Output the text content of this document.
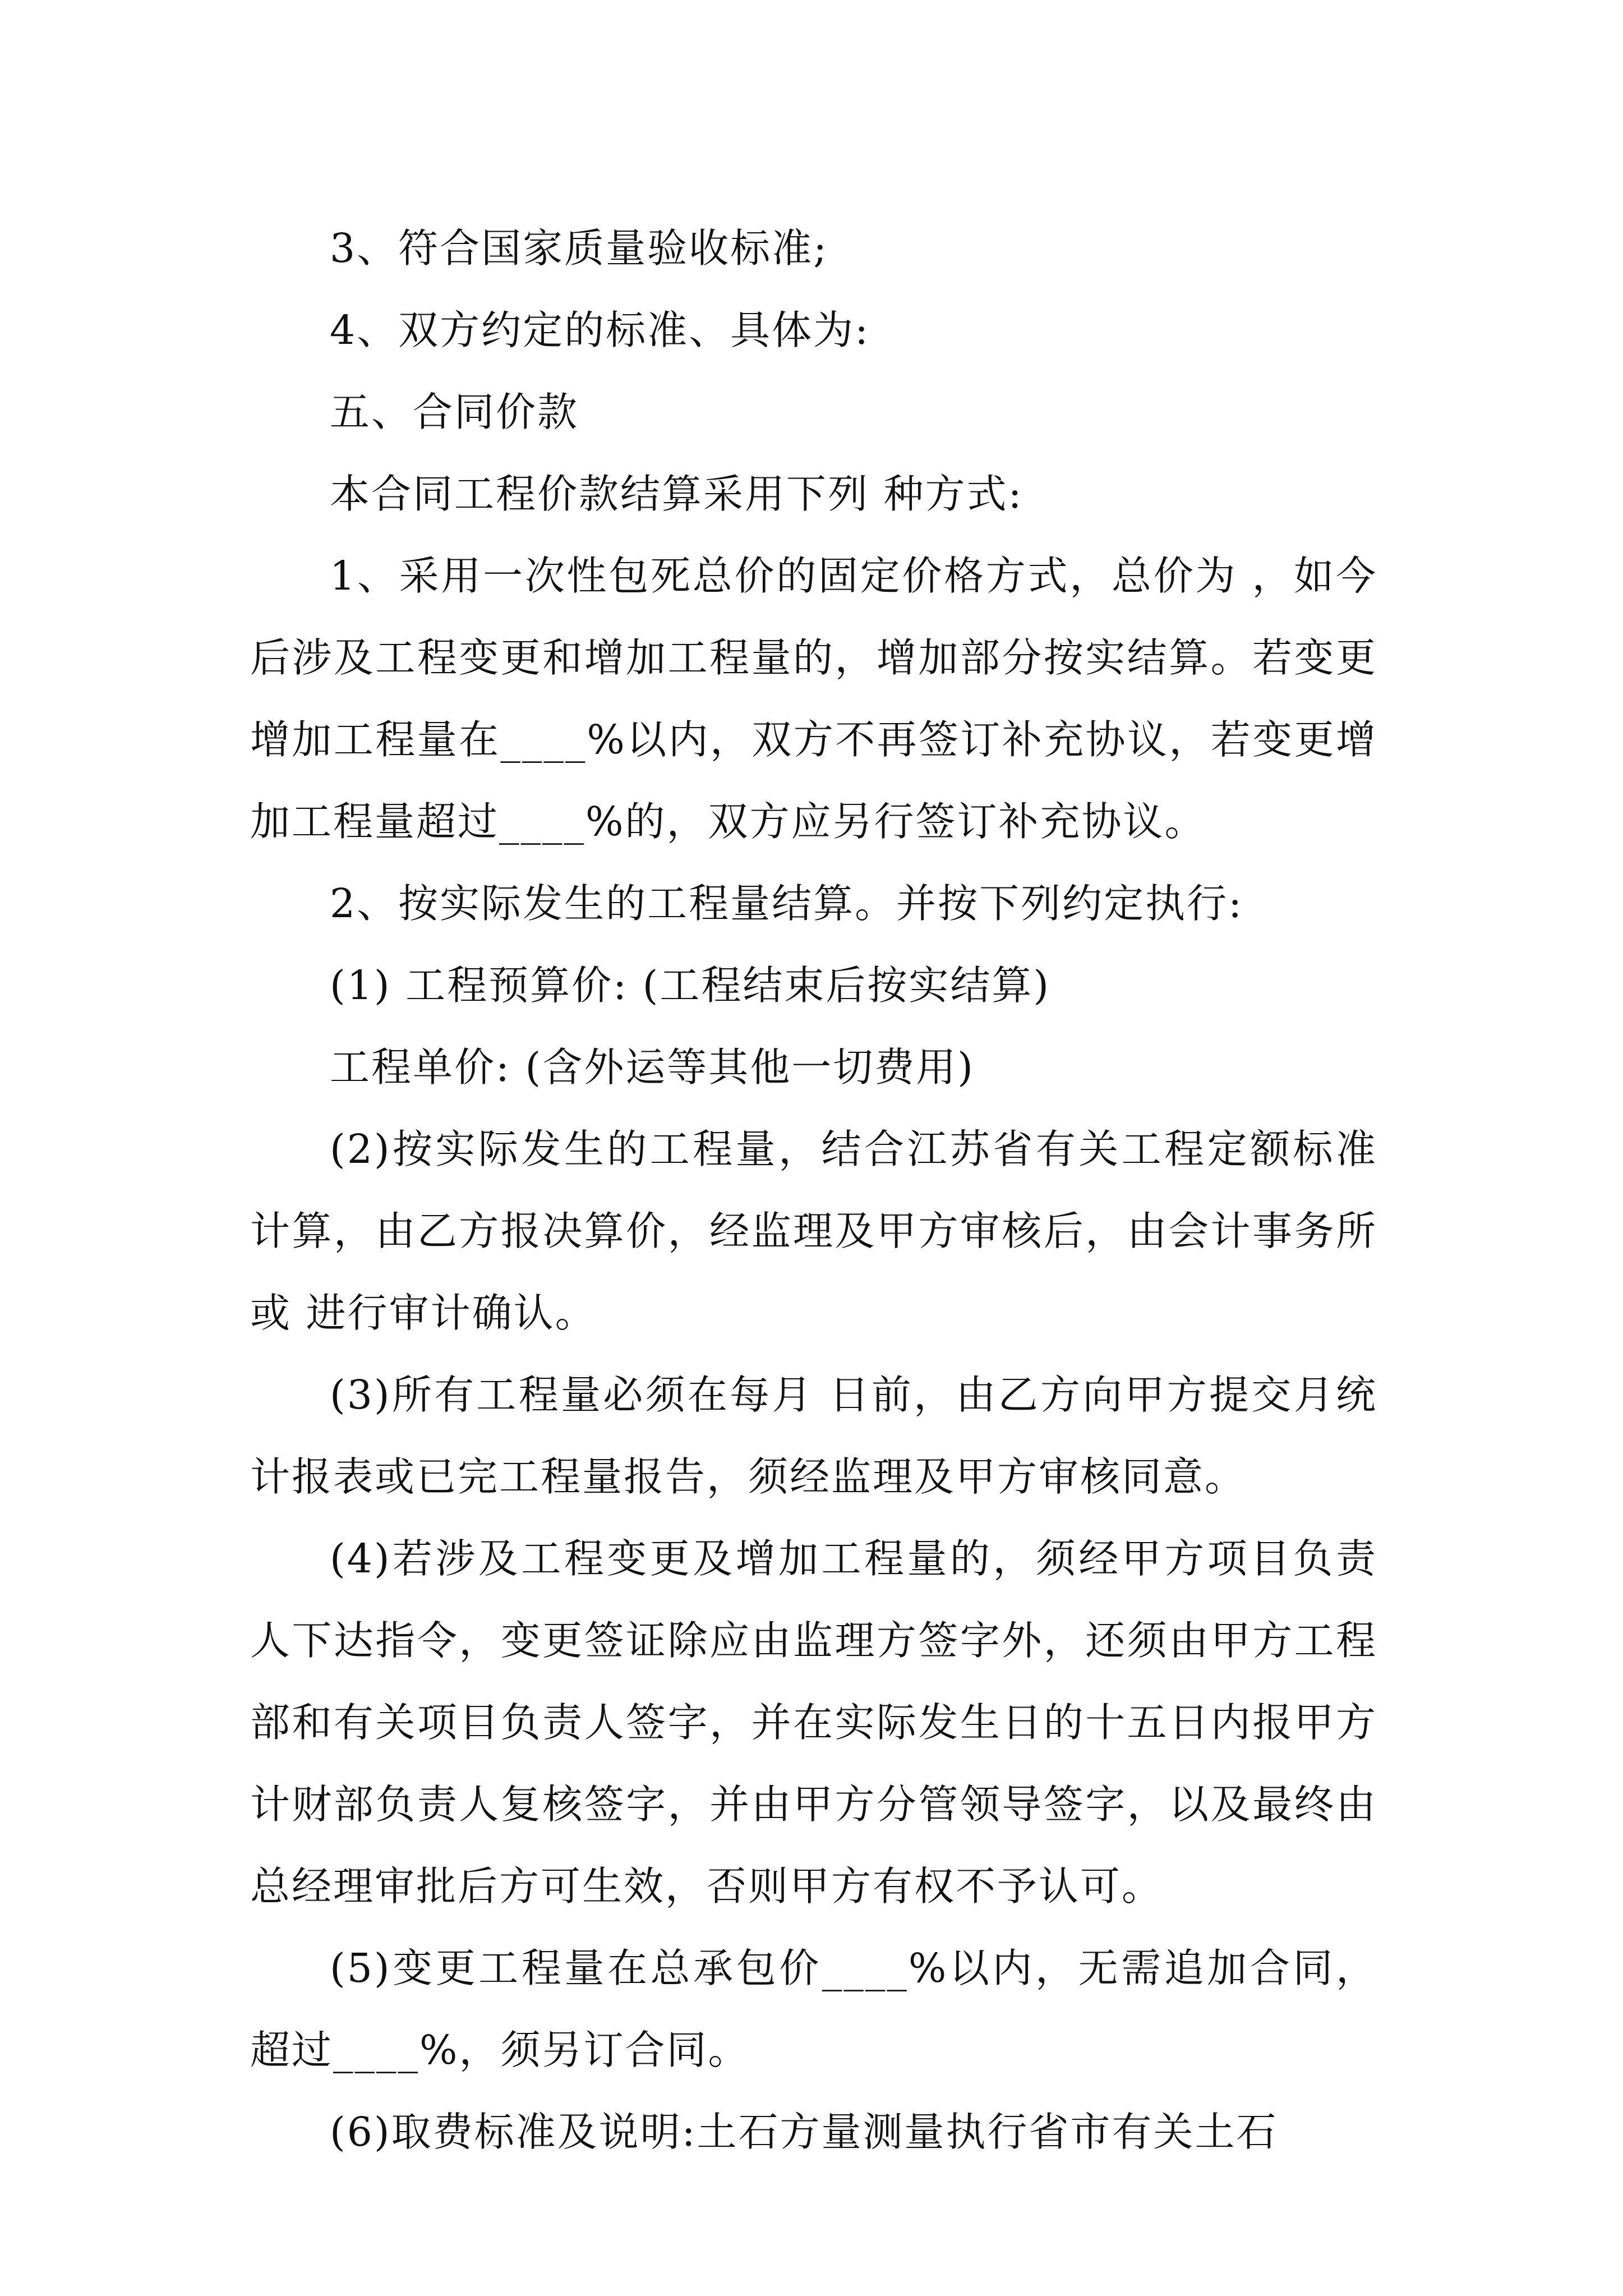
3、符合国家质量验收标准;

4、双方约定的标准、具体为:

五、合同价款

本合同工程价款结算采用下列 种方式:

1、采用一次性包死总价的固定价格方式，总价为 ，如今后涉及工程变更和增加工程量的，增加部分按实结算。若变更增加工程量在____%以内，双方不再签订补充协议，若变更增加工程量超过____%的，双方应另行签订补充协议。

2、按实际发生的工程量结算。并按下列约定执行:

(1) 工程预算价: (工程结束后按实结算)

工程单价: (含外运等其他一切费用)

(2)按实际发生的工程量，结合江苏省有关工程定额标准计算，由乙方报决算价，经监理及甲方审核后，由会计事务所或 进行审计确认。

(3)所有工程量必须在每月 日前，由乙方向甲方提交月统计报表或已完工程量报告，须经监理及甲方审核同意。

(4)若涉及工程变更及增加工程量的，须经甲方项目负责人下达指令，变更签证除应由监理方签字外，还须由甲方工程部和有关项目负责人签字，并在实际发生日的十五日内报甲方计财部负责人复核签字，并由甲方分管领导签字，以及最终由总经理审批后方可生效，否则甲方有权不予认可。

(5)变更工程量在总承包价____%以内，无需追加合同，超过____%，须另订合同。

(6)取费标准及说明:土石方量测量执行省市有关土石
